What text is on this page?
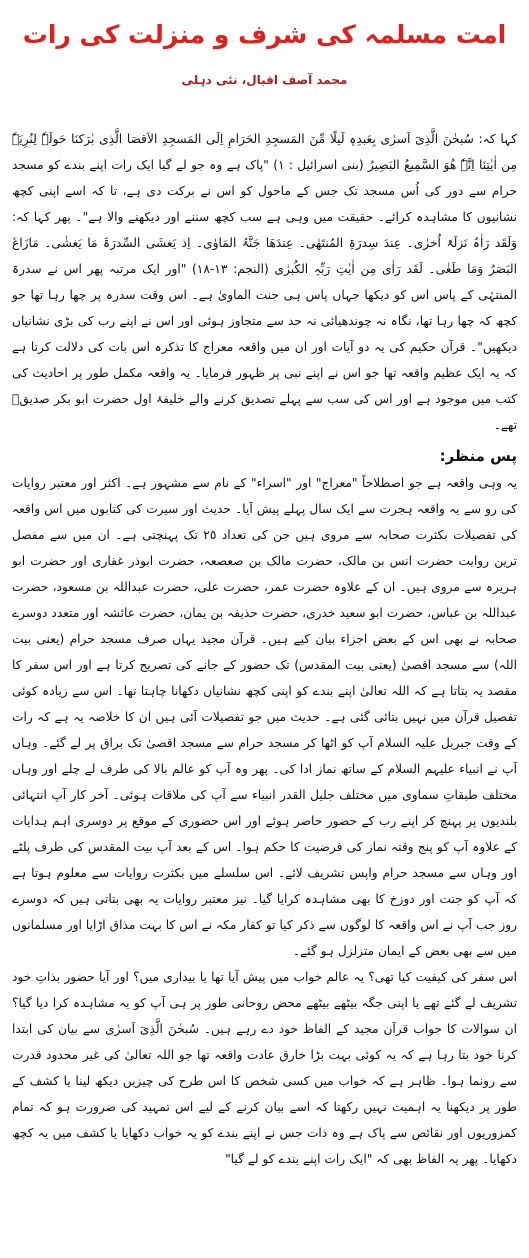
امت مسلمہ کی شرف و منزلت کی رات
محمد آصف اقبال، نئی دہلی

کہا کہ: سُبحٰنَ الَّذِیٓ اَسرٰی بِعَبدِہٖ لَیلًا مِّنَ المَسجِدِ الحَرَامِ اِلَی المَسجِدِ الاَقصَا الَّذِی بٰرَکنَا حَولَہٗ لِنُرِیَہٗ مِن اٰیٰتِنَا اِنَّہٗ ھُوَ السَّمِیعُ البَصِیرُ (بنی اسرائیل : ١) "پاک ہے وہ جو لے گیا ایک رات اپنے بندے کو مسجد حرام سے دور کی اُس مسجد تک جس کے ماحول کو اس نے برکت دی ہے، تا کہ اسے اپنی کچھ نشانیوں کا مشاہدہ کرائے۔ حقیقت میں وہی ہے سب کچھ سننے اور دیکھنے والا ہے"۔ پھر کہا کہ: وَلَقَد رَاٰہُ نَزلَۃً اُخرٰی۔ عِندَ سِدرَۃِ المُنتَھٰی۔ عِندَھَا جَنَّۃُ المَاوٰی۔ اِذ یَغشَی السِّدرَۃَ مَا یَغشٰی۔ مَازَاغَ البَصَرُ وَمَا طَغٰی۔ لَقَد رَاٰی مِن اٰیٰتِ رَبِّہِ الکُبرٰی (النجم: ١٣-١٨) "اور ایک مرتبہ پھر اس نے سدرۃ المنتہٰی کے پاس اس کو دیکھا جہاں پاس ہی جنت الماویٰ ہے۔ اس وقت سدرہ پر چھا رہا تھا جو کچھ کہ چھا رہا تھا، نگاہ نہ چوندھیائی نہ حد سے متجاوز ہوئی اور اس نے اپنے رب کی بڑی نشانیاں دیکھیں"۔ قرآن حکیم کی یہ دو آیات اور ان میں واقعہ معراج کا تذکرہ اس بات کی دلالت کرتا ہے کہ یہ ایک عظیم واقعہ تھا جو اس نے اپنے نبی پر ظہور فرمایا۔ یہ واقعہ مکمل طور پر احادیث کی کتب میں موجود ہے اور اس کی سب سے پہلے تصدیق کرنے والے خلیفۂ اول حضرت ابو بکر صدیقؓ تھے۔

پس منظر:

یہ وہی واقعہ ہے جو اصطلاحاً "معراج" اور "اسراء" کے نام سے مشہور ہے۔ اکثر اور معتبر روایات کی رو سے یہ واقعہ ہجرت سے ایک سال پہلے پیش آیا۔ حدیث اور سیرت کی کتابوں میں اس واقعہ کی تفصیلات بکثرت صحابہ سے مروی ہیں جن کی تعداد ٢٥ تک پہنچتی ہے۔ ان میں سے مفصل ترین روایت حضرت انس بن مالک، حضرت مالک بن صعصعہ، حضرت ابوذر غفاری اور حضرت ابو ہریرہ سے مروی ہیں۔ ان کے علاوہ حضرت عمر، حضرت علی، حضرت عبداللہ بن مسعود، حضرت عبداللہ بن عباس، حضرت ابو سعید خدری، حضرت حذیفہ بن یمان، حضرت عائشہ اور متعدد دوسرے صحابہ نے بھی اس کے بعض اجزاء بیان کیے ہیں۔ قرآن مجید یہاں صرف مسجد حرام (یعنی بیت اللہ) سے مسجد اقصیٰ (یعنی بیت المقدس) تک حضور کے جانے کی تصریح کرتا ہے اور اس سفر کا مقصد یہ بتاتا ہے کہ اللہ تعالیٰ اپنے بندے کو اپنی کچھ نشانیاں دکھانا چاہتا تھا۔ اس سے زیادہ کوئی تفصیل قرآن میں نہیں بتائی گئی ہے۔ حدیث میں جو تفصیلات آئی ہیں ان کا خلاصہ یہ ہے کہ رات کے وقت جبریل علیہ السلام آپ کو اٹھا کر مسجد حرام سے مسجد اقصیٰ تک براق پر لے گئے۔ وہاں آپ نے انبیاء علیہم السلام کے ساتھ نماز ادا کی۔ پھر وہ آپ کو عالم بالا کی طرف لے چلے اور وہاں مختلف طبقاتِ سماوی میں مختلف جلیل القدر انبیاء سے آپ کی ملاقات ہوئی۔ آخر کار آپ انتہائی بلندیوں پر پہنچ کر اپنے رب کے حضور حاضر ہوئے اور اس حضوری کے موقع پر دوسری اہم ہدایات کے علاوہ آپ کو پنج وقتہ نماز کی فرضیت کا حکم ہوا۔ اس کے بعد آپ بیت المقدس کی طرف پلٹے اور وہاں سے مسجد حرام واپس تشریف لائے۔ اس سلسلے میں بکثرت روایات سے معلوم ہوتا ہے کہ آپ کو جنت اور دوزخ کا بھی مشاہدہ کرایا گیا۔ نیز معتبر روایات یہ بھی بتاتی ہیں کہ دوسرے روز جب آپ نے اس واقعہ کا لوگوں سے ذکر کیا تو کفار مکہ نے اس کا بہت مذاق اڑایا اور مسلمانوں میں سے بھی بعض کے ایمان متزلزل ہو گئے۔

اس سفر کی کیفیت کیا تھی؟ یہ عالم خواب میں پیش آیا تھا یا بیداری میں؟ اور آیا حضور بذاتِ خود تشریف لے گئے تھے یا اپنی جگہ بیٹھے بیٹھے محض روحانی طور پر ہی آپ کو یہ مشاہدہ کرا دیا گیا؟ ان سوالات کا جواب قرآن مجید کے الفاظ خود دے رہے ہیں۔ سُبحٰنَ الَّذِیٓ اَسرٰی سے بیان کی ابتدا کرنا خود بتا رہا ہے کہ یہ کوئی بہت بڑا خارق عادت واقعہ تھا جو اللہ تعالیٰ کی غیر محدود قدرت سے رونما ہوا۔ ظاہر ہے کہ خواب میں کسی شخص کا اس طرح کی چیزیں دیکھ لینا یا کشف کے طور پر دیکھنا یہ اہمیت نہیں رکھتا کہ اسے بیان کرنے کے لیے اس تمہید کی ضرورت ہو کہ تمام کمزوریوں اور نقائص سے پاک ہے وہ ذات جس نے اپنے بندے کو یہ خواب دکھایا یا کشف میں یہ کچھ دکھایا۔ پھر یہ الفاظ بھی کہ "ایک رات اپنے بندے کو لے گیا"
